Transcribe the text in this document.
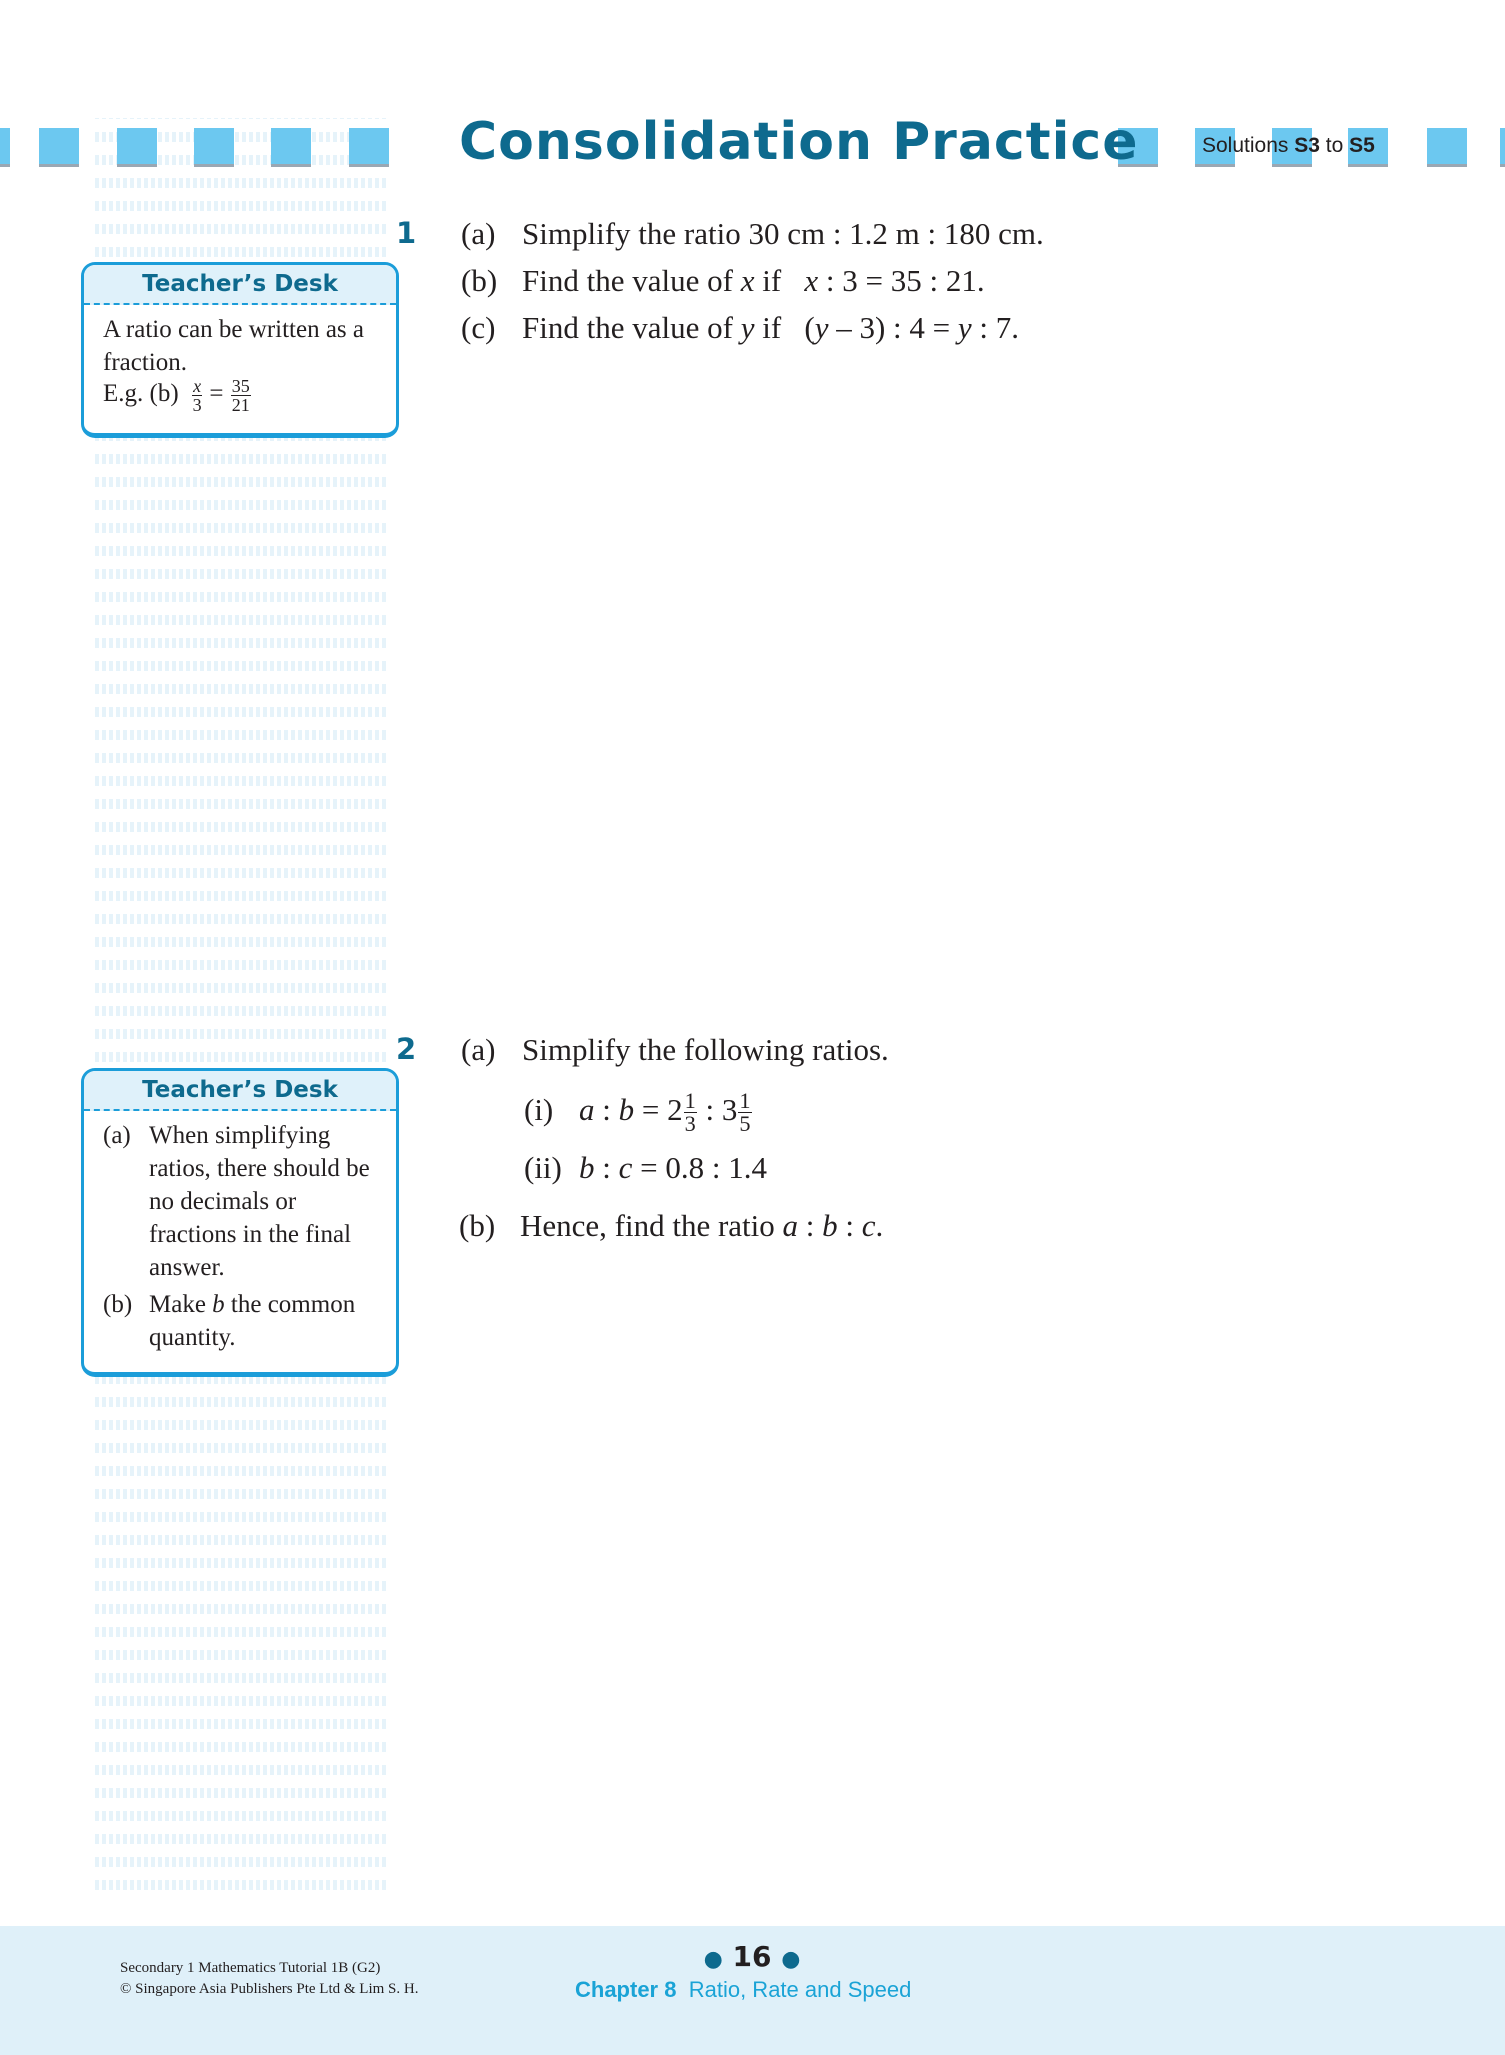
Consolidation Practice	Solutions S3 to S5
1 (a) Simplify the ratio 30 cm : 1.2 m : 180 cm.
(b) Find the value of x if x : 3 = 35 : 21.
(c) Find the value of y if (y – 3) : 4 = y : 7.
Teacher’s Desk
A ratio can be written as a fraction.
E.g. $(b) \frac{x}{3} = \frac{35}{21}$
2 (a) Simplify the following ratios.
(i) a : $b = 2 \frac{1}{3}$ : $3 \frac{1}{5}$
(ii) b : c = 0.8 : 1.4
(b) Hence, find the ratio a : b : c.
Teacher’s Desk
(a) When simplifying ratios, there should be no decimals or fractions in the final answer.
(b) Make b the common quantity.
Secondary 1 Mathematics Tutorial 1B (G2)
© Singapore Asia Publishers Pte Ltd & Lim S. H.
● 16 ●
Chapter 8 Ratio, Rate and Speed
